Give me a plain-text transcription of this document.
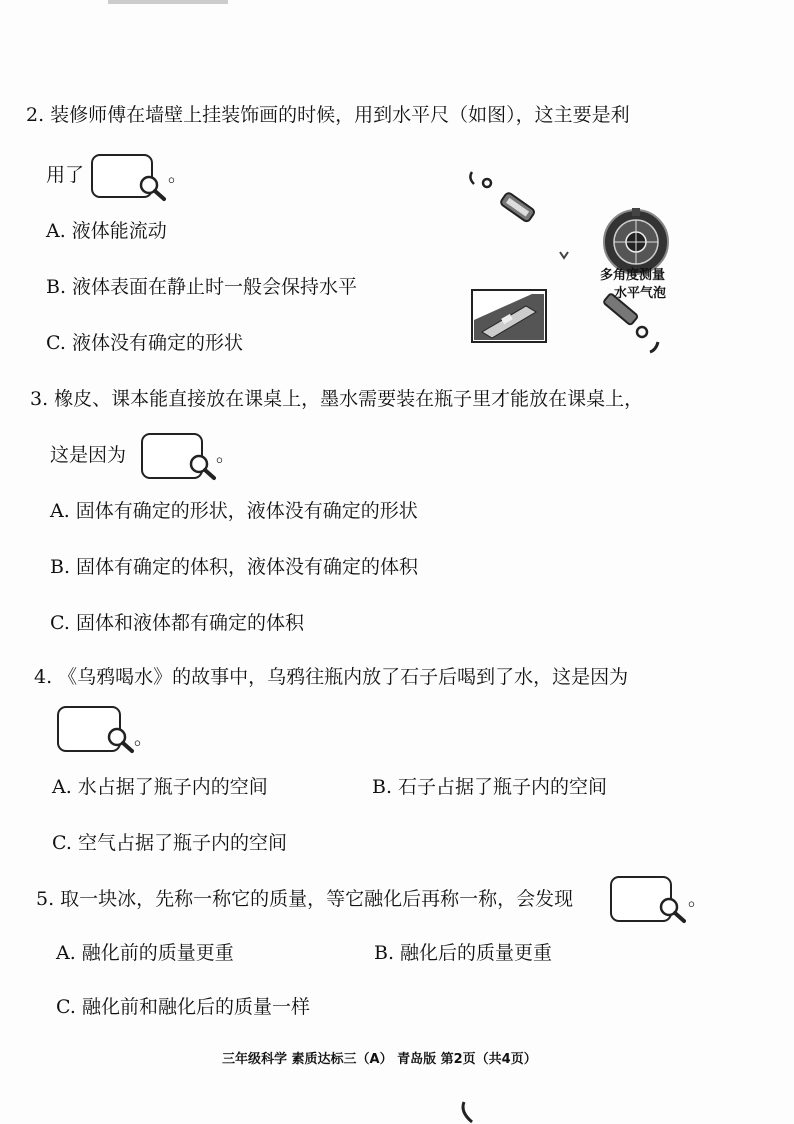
2. 装修师傅在墙壁上挂装饰画的时候，用到水平尺（如图），这主要是利
用了	。
A. 液体能流动
B. 液体表面在静止时一般会保持水平
C. 液体没有确定的形状
多角度测量
水平气泡
3. 橡皮、课本能直接放在课桌上，墨水需要装在瓶子里才能放在课桌上，
这是因为	。
A. 固体有确定的形状，液体没有确定的形状
B. 固体有确定的体积，液体没有确定的体积
C. 固体和液体都有确定的体积
4. 《乌鸦喝水》的故事中，乌鸦往瓶内放了石子后喝到了水，这是因为
。
A. 水占据了瓶子内的空间	B. 石子占据了瓶子内的空间
C. 空气占据了瓶子内的空间
5. 取一块冰，先称一称它的质量，等它融化后再称一称，会发现	。
A. 融化前的质量更重	B. 融化后的质量更重
C. 融化前和融化后的质量一样
三年级科学 素质达标三（A） 青岛版 第2页（共4页）
